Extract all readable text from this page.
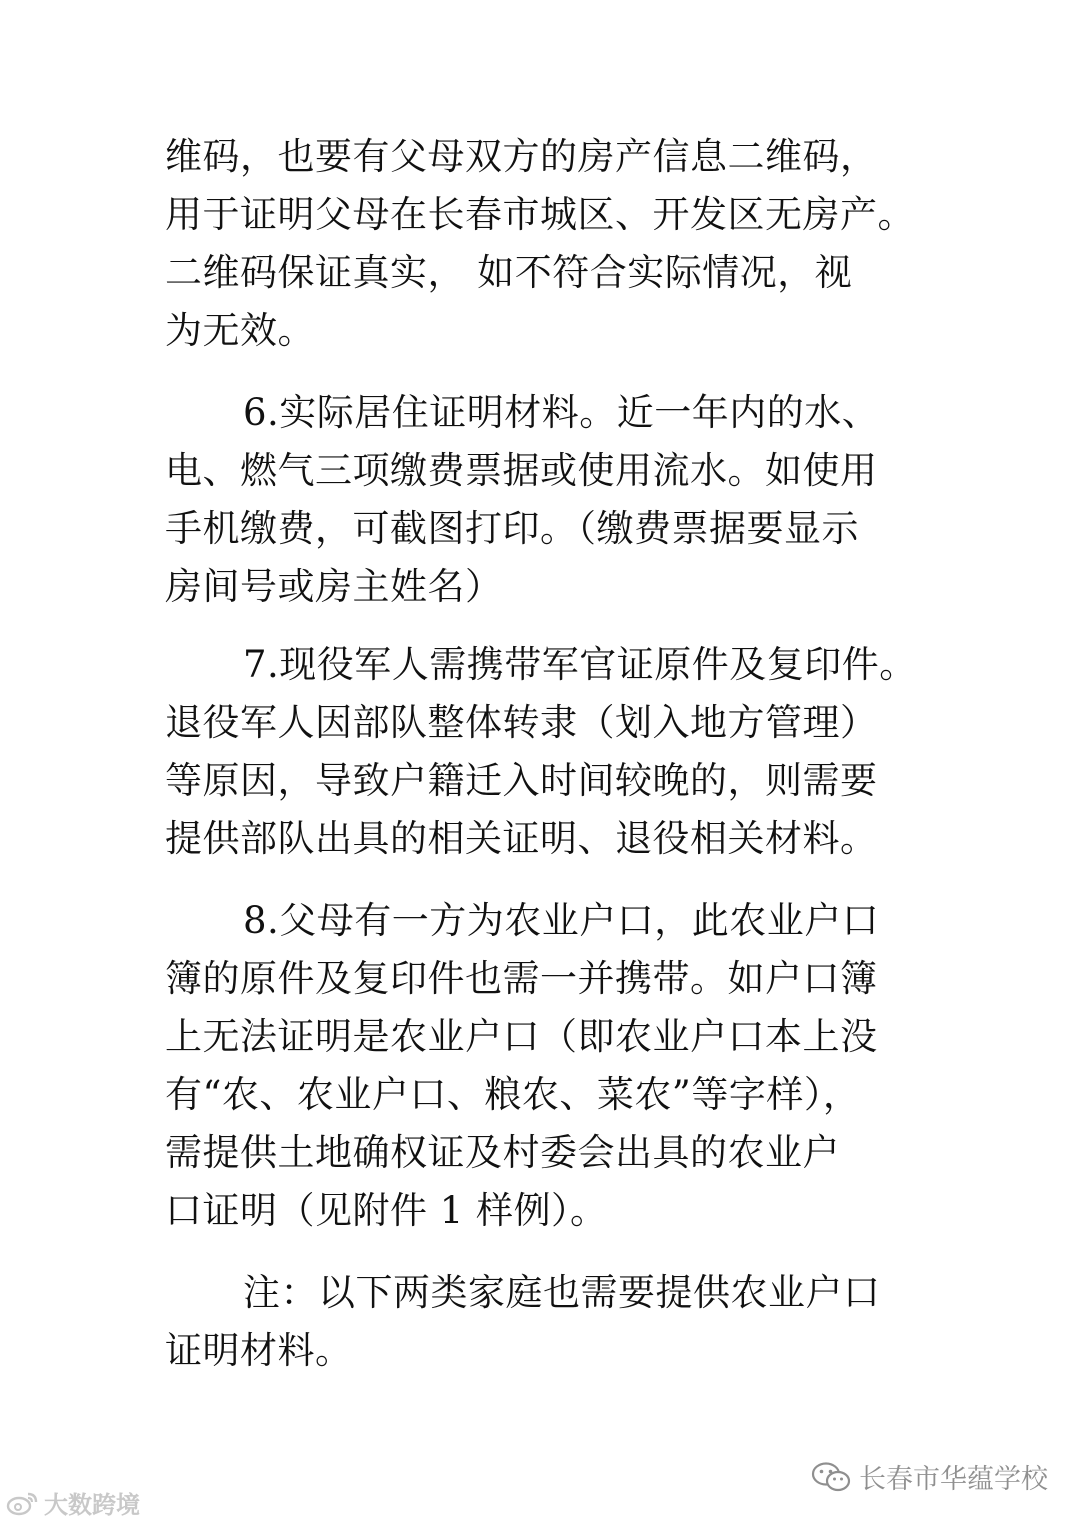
维码，也要有父母双方的房产信息二维码，
用于证明父母在长春市城区、开发区无房产。
二维码保证真实， 如不符合实际情况，视
为无效。
6.实际居住证明材料。近一年内的水、
电、燃气三项缴费票据或使用流水。如使用
手机缴费，可截图打印。（缴费票据要显示
房间号或房主姓名）
7.现役军人需携带军官证原件及复印件。
退役军人因部队整体转隶（划入地方管理）
等原因，导致户籍迁入时间较晚的，则需要
提供部队出具的相关证明、退役相关材料。
8.父母有一方为农业户口，此农业户口
簿的原件及复印件也需一并携带。如户口簿
上无法证明是农业户口（即农业户口本上没
有“农、农业户口、粮农、菜农”等字样），
需提供土地确权证及村委会出具的农业户
口证明（见附件 1 样例）。
注：以下两类家庭也需要提供农业户口
证明材料。
长春市华蕴学校
大数跨境
